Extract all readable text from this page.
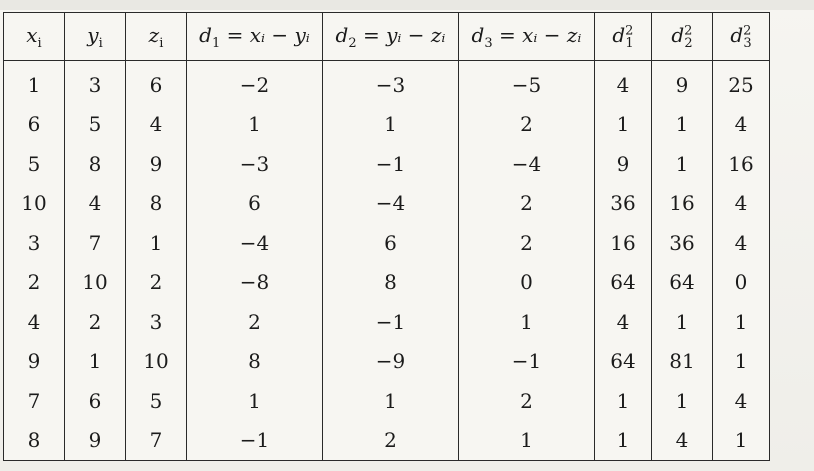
$x_i$	$y_i$	$z_i$	$d_1$ = xᵢ − yᵢ	$d_2$ = yᵢ − zᵢ	$d_3$ = xᵢ − zᵢ	$d^2_1$	$d^2_2$	$d^2_3$
1	3	6	−2	−3	−5	4	9	25
6	5	4	1	1	2	1	1	4
5	8	9	−3	−1	−4	9	1	16
10	4	8	6	−4	2	36	16	4
3	7	1	−4	6	2	16	36	4
2	10	2	−8	8	0	64	64	0
4	2	3	2	−1	1	4	1	1
9	1	10	8	−9	−1	64	81	1
7	6	5	1	1	2	1	1	4
8	9	7	−1	2	1	1	4	1
